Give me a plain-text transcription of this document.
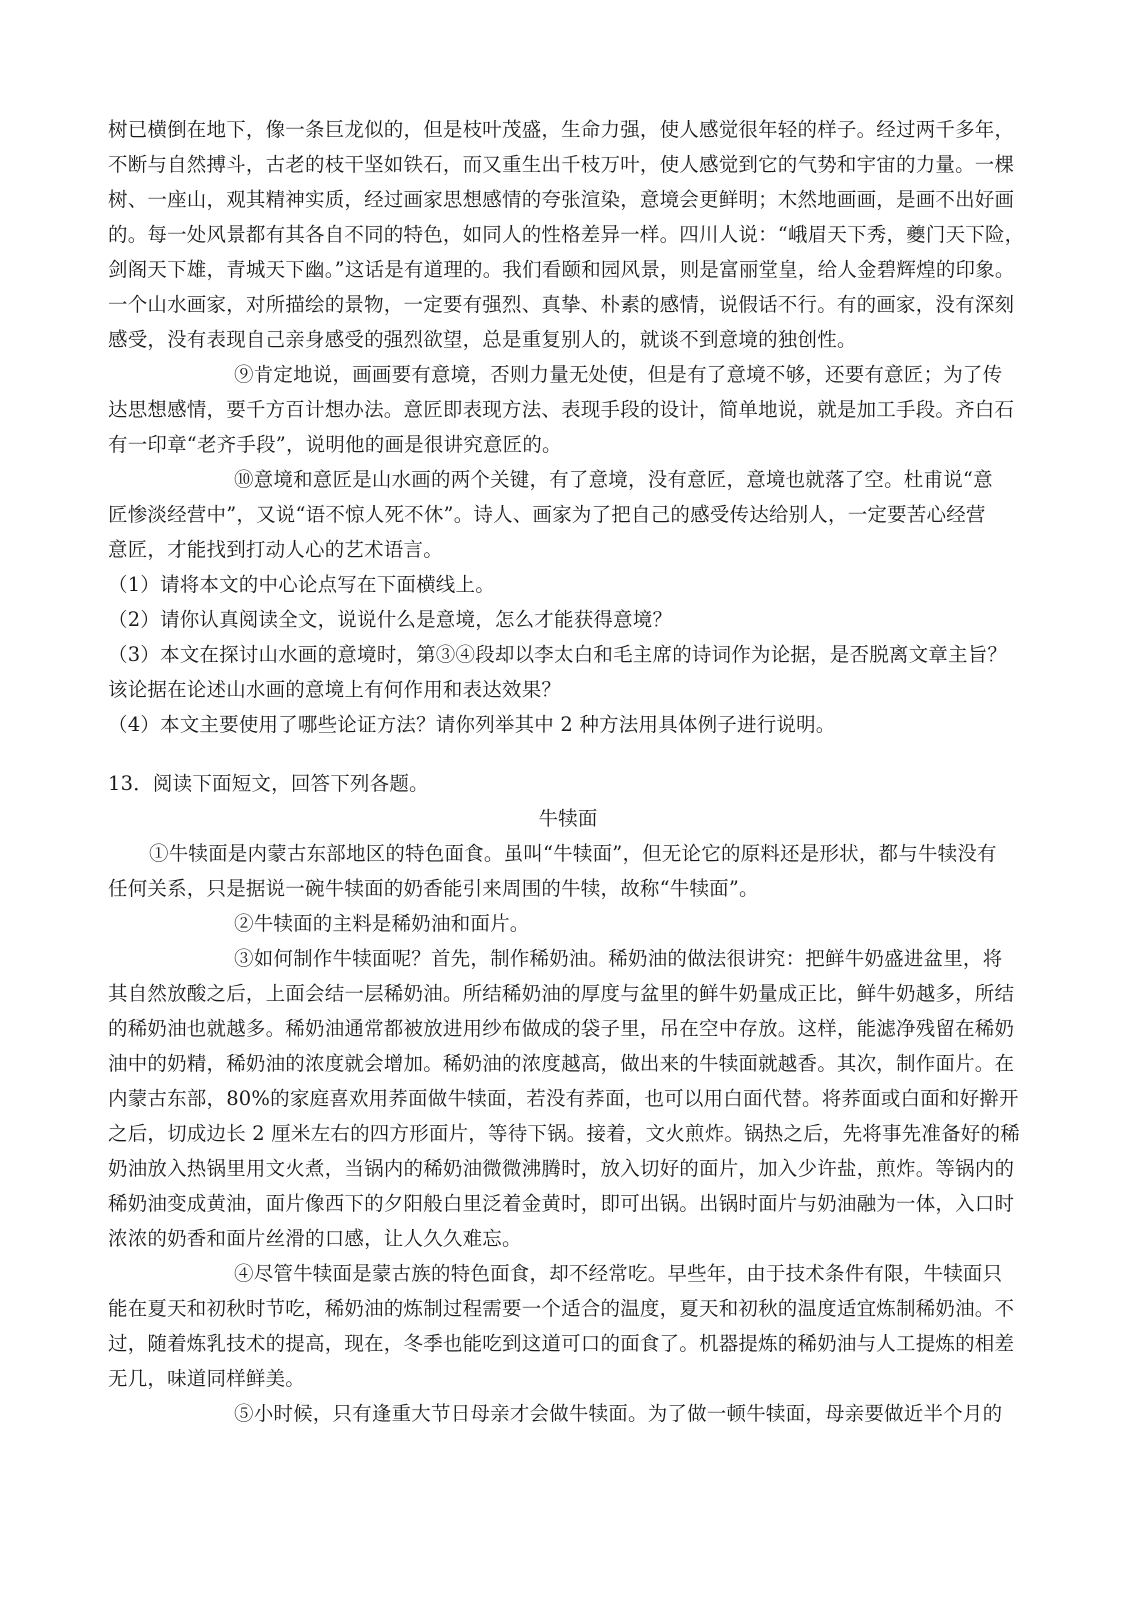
树已横倒在地下，像一条巨龙似的，但是枝叶茂盛，生命力强，使人感觉很年轻的样子。经过两千多年，
不断与自然搏斗，古老的枝干坚如铁石，而又重生出千枝万叶，使人感觉到它的气势和宇宙的力量。一棵
树、一座山，观其精神实质，经过画家思想感情的夸张渲染，意境会更鲜明；木然地画画，是画不出好画
的。每一处风景都有其各自不同的特色，如同人的性格差异一样。四川人说：“峨眉天下秀，夔门天下险，
剑阁天下雄，青城天下幽。”这话是有道理的。我们看颐和园风景，则是富丽堂皇，给人金碧辉煌的印象。
一个山水画家，对所描绘的景物，一定要有强烈、真挚、朴素的感情，说假话不行。有的画家，没有深刻
感受，没有表现自己亲身感受的强烈欲望，总是重复别人的，就谈不到意境的独创性。
⑨肯定地说，画画要有意境，否则力量无处使，但是有了意境不够，还要有意匠；为了传
达思想感情，要千方百计想办法。意匠即表现方法、表现手段的设计，简单地说，就是加工手段。齐白石
有一印章“老齐手段”，说明他的画是很讲究意匠的。
⑩意境和意匠是山水画的两个关键，有了意境，没有意匠，意境也就落了空。杜甫说“意
匠惨淡经营中”，又说“语不惊人死不休”。诗人、画家为了把自己的感受传达给别人，一定要苦心经营
意匠，才能找到打动人心的艺术语言。
（1）请将本文的中心论点写在下面横线上。
（2）请你认真阅读全文，说说什么是意境，怎么才能获得意境？
（3）本文在探讨山水画的意境时，第③④段却以李太白和毛主席的诗词作为论据，是否脱离文章主旨？
该论据在论述山水画的意境上有何作用和表达效果？
（4）本文主要使用了哪些论证方法？请你列举其中 2 种方法用具体例子进行说明。
13．阅读下面短文，回答下列各题。
牛犊面
①牛犊面是内蒙古东部地区的特色面食。虽叫“牛犊面”，但无论它的原料还是形状，都与牛犊没有
任何关系，只是据说一碗牛犊面的奶香能引来周围的牛犊，故称“牛犊面”。
②牛犊面的主料是稀奶油和面片。
③如何制作牛犊面呢？首先，制作稀奶油。稀奶油的做法很讲究：把鲜牛奶盛进盆里，将
其自然放酸之后，上面会结一层稀奶油。所结稀奶油的厚度与盆里的鲜牛奶量成正比，鲜牛奶越多，所结
的稀奶油也就越多。稀奶油通常都被放进用纱布做成的袋子里，吊在空中存放。这样，能滤净残留在稀奶
油中的奶精，稀奶油的浓度就会增加。稀奶油的浓度越高，做出来的牛犊面就越香。其次，制作面片。在
内蒙古东部，80%的家庭喜欢用荞面做牛犊面，若没有荞面，也可以用白面代替。将荞面或白面和好擀开
之后，切成边长 2 厘米左右的四方形面片，等待下锅。接着，文火煎炸。锅热之后，先将事先准备好的稀
奶油放入热锅里用文火煮，当锅内的稀奶油微微沸腾时，放入切好的面片，加入少许盐，煎炸。等锅内的
稀奶油变成黄油，面片像西下的夕阳般白里泛着金黄时，即可出锅。出锅时面片与奶油融为一体，入口时
浓浓的奶香和面片丝滑的口感，让人久久难忘。
④尽管牛犊面是蒙古族的特色面食，却不经常吃。早些年，由于技术条件有限，牛犊面只
能在夏天和初秋时节吃，稀奶油的炼制过程需要一个适合的温度，夏天和初秋的温度适宜炼制稀奶油。不
过，随着炼乳技术的提高，现在，冬季也能吃到这道可口的面食了。机器提炼的稀奶油与人工提炼的相差
无几，味道同样鲜美。
⑤小时候，只有逢重大节日母亲才会做牛犊面。为了做一顿牛犊面，母亲要做近半个月的
